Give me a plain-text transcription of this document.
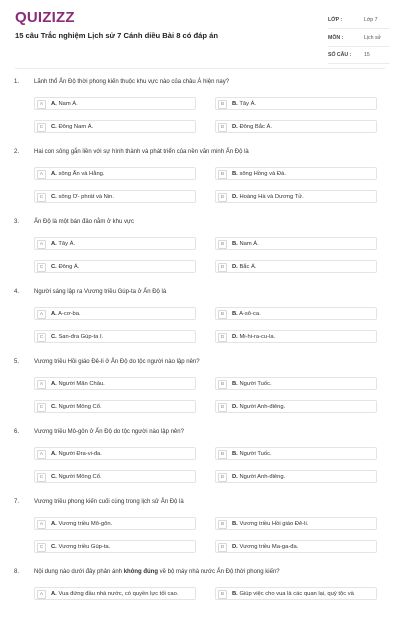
QUIZIZZ
15 câu Trắc nghiệm Lịch sử 7 Cánh diều Bài 8 có đáp án
LỚP :	Lớp 7
MÔN :	Lịch sử
SỐ CÂU : 15
1. Lãnh thổ Ấn Độ thời phong kiến thuộc khu vực nào của châu Á hiện nay?
A	A. Nam Á.	B	B. Tây Á.
C	C. Đông Nam Á.	D	D. Đông Bắc Á.
2. Hai con sông gắn liền với sự hình thành và phát triển của nền văn minh Ấn Độ là
A	A. sông Ấn và Hằng.	B	B. sông Hồng và Đà.
C	C. sông Ơ- phrát và Nin.	D	D. Hoàng Hà và Dương Tử.
3. Ấn Độ là một bán đảo nằm ở khu vực
A	A. Tây Á.	B	B. Nam Á.
C	C. Đông Á.	D	D. Bắc Á.
4. Người sáng lập ra Vương triều Gúp-ta ở Ấn Độ là
A	A. A-cơ-ba.	B	B. A-sô-ca.
C	C. San-đra Gúp-ta I.	D	D. Mi-hi-ra-cu-la.
5. Vương triều Hồi giáo Đê-li ở Ấn Độ do tộc người nào lập nên?
A	A. Người Mãn Châu.	B	B. Người Tuốc.
C	C. Người Mông Cổ.	D	D. Người Anh-điêng.
6. Vương triều Mô-gôn ở Ấn Độ do tộc người nào lập nên?
A	A. Người Đra-vi-đa.	B	B. Người Tuốc.
C	C. Người Mông Cổ.	D	D. Người Anh-điêng.
7. Vương triều phong kiến cuối cùng trong lịch sử Ấn Độ là
A	A. Vương triều Mô-gôn.	B	B. Vương triều Hồi giáo Đê-li.
C	C. Vương triều Gúp-ta.	D	D. Vương triều Ma-ga-đa.
8. Nội dung nào dưới đây phản ánh không đúng về bộ máy nhà nước Ấn Độ thời phong kiến?
A	A. Vua đứng đầu nhà nước, có quyền lực tối cao.	B	B. Giúp việc cho vua là các quan lại, quý tộc và
